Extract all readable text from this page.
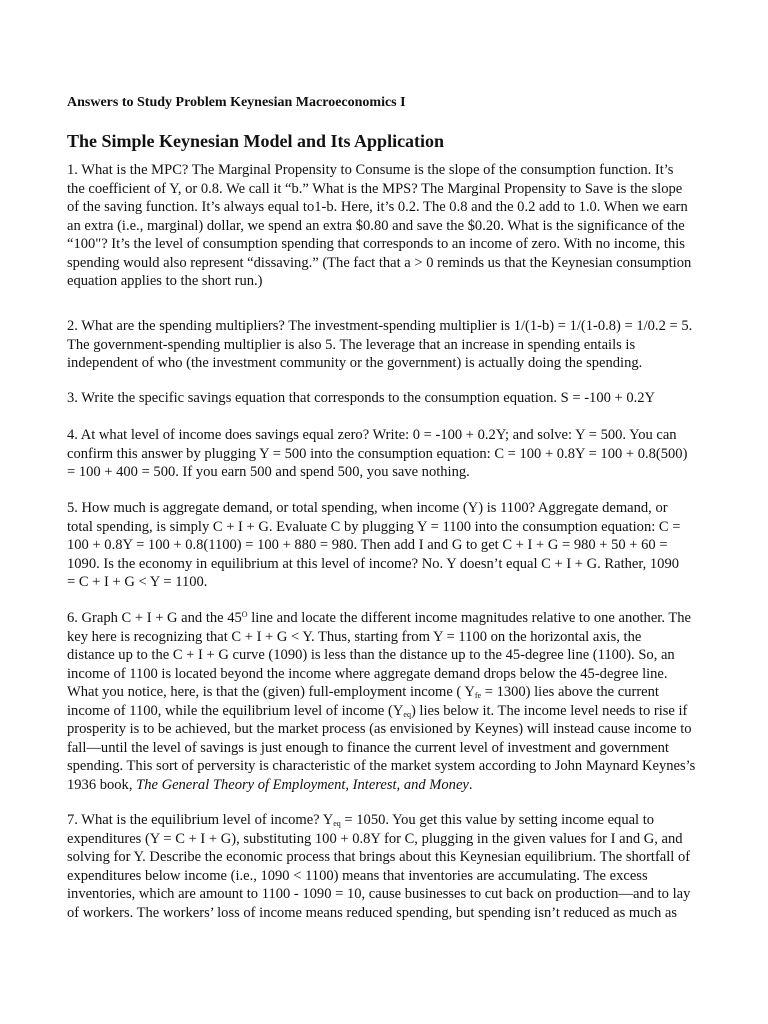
Answers to Study Problem Keynesian Macroeconomics I

The Simple Keynesian Model and Its Application

1. What is the MPC? The Marginal Propensity to Consume is the slope of the consumption function. It’s
the coefficient of Y, or 0.8. We call it “b.” What is the MPS? The Marginal Propensity to Save is the slope
of the saving function. It’s always equal to1-b. Here, it’s 0.2. The 0.8 and the 0.2 add to 1.0. When we earn
an extra (i.e., marginal) dollar, we spend an extra $0.80 and save the $0.20. What is the significance of the
“100"? It’s the level of consumption spending that corresponds to an income of zero. With no income, this
spending would also represent “dissaving.” (The fact that a > 0 reminds us that the Keynesian consumption
equation applies to the short run.)

2. What are the spending multipliers? The investment-spending multiplier is 1/(1-b) = 1/(1-0.8) = 1/0.2 = 5.
The government-spending multiplier is also 5. The leverage that an increase in spending entails is
independent of who (the investment community or the government) is actually doing the spending.

3. Write the specific savings equation that corresponds to the consumption equation. S = -100 + 0.2Y

4. At what level of income does savings equal zero? Write: 0 = -100 + 0.2Y; and solve: Y = 500. You can
confirm this answer by plugging Y = 500 into the consumption equation: C = 100 + 0.8Y = 100 + 0.8(500)
= 100 + 400 = 500. If you earn 500 and spend 500, you save nothing.

5. How much is aggregate demand, or total spending, when income (Y) is 1100? Aggregate demand, or
total spending, is simply C + I + G. Evaluate C by plugging Y = 1100 into the consumption equation: C =
100 + 0.8Y = 100 + 0.8(1100) = 100 + 880 = 980. Then add I and G to get C + I + G = 980 + 50 + 60 =
1090. Is the economy in equilibrium at this level of income? No. Y doesn’t equal C + I + G. Rather, 1090
= C + I + G < Y = 1100.

6. Graph C + I + G and the $45^O$ line and locate the different income magnitudes relative to one another. The
key here is recognizing that C + I + G < Y. Thus, starting from Y = 1100 on the horizontal axis, the
distance up to the C + I + G curve (1090) is less than the distance up to the 45-degree line (1100). So, an
income of 1100 is located beyond the income where aggregate demand drops below the 45-degree line.
What you notice, here, is that the (given) full-employment income ( $Y_{fe} = 1300$) lies above the current
income of 1100, while the equilibrium level of income $(Y_{eq})$ lies below it. The income level needs to rise if
prosperity is to be achieved, but the market process (as envisioned by Keynes) will instead cause income to
fall—until the level of savings is just enough to finance the current level of investment and government
spending. This sort of perversity is characteristic of the market system according to John Maynard Keynes’s
1936 book, The General Theory of Employment, Interest, and Money.

7. What is the equilibrium level of income? $Y_{eq} = 1050$. You get this value by setting income equal to
expenditures (Y = C + I + G), substituting 100 + 0.8Y for C, plugging in the given values for I and G, and
solving for Y. Describe the economic process that brings about this Keynesian equilibrium. The shortfall of
expenditures below income (i.e., 1090 < 1100) means that inventories are accumulating. The excess
inventories, which are amount to 1100 - 1090 = 10, cause businesses to cut back on production—and to lay
of workers. The workers’ loss of income means reduced spending, but spending isn’t reduced as much as
